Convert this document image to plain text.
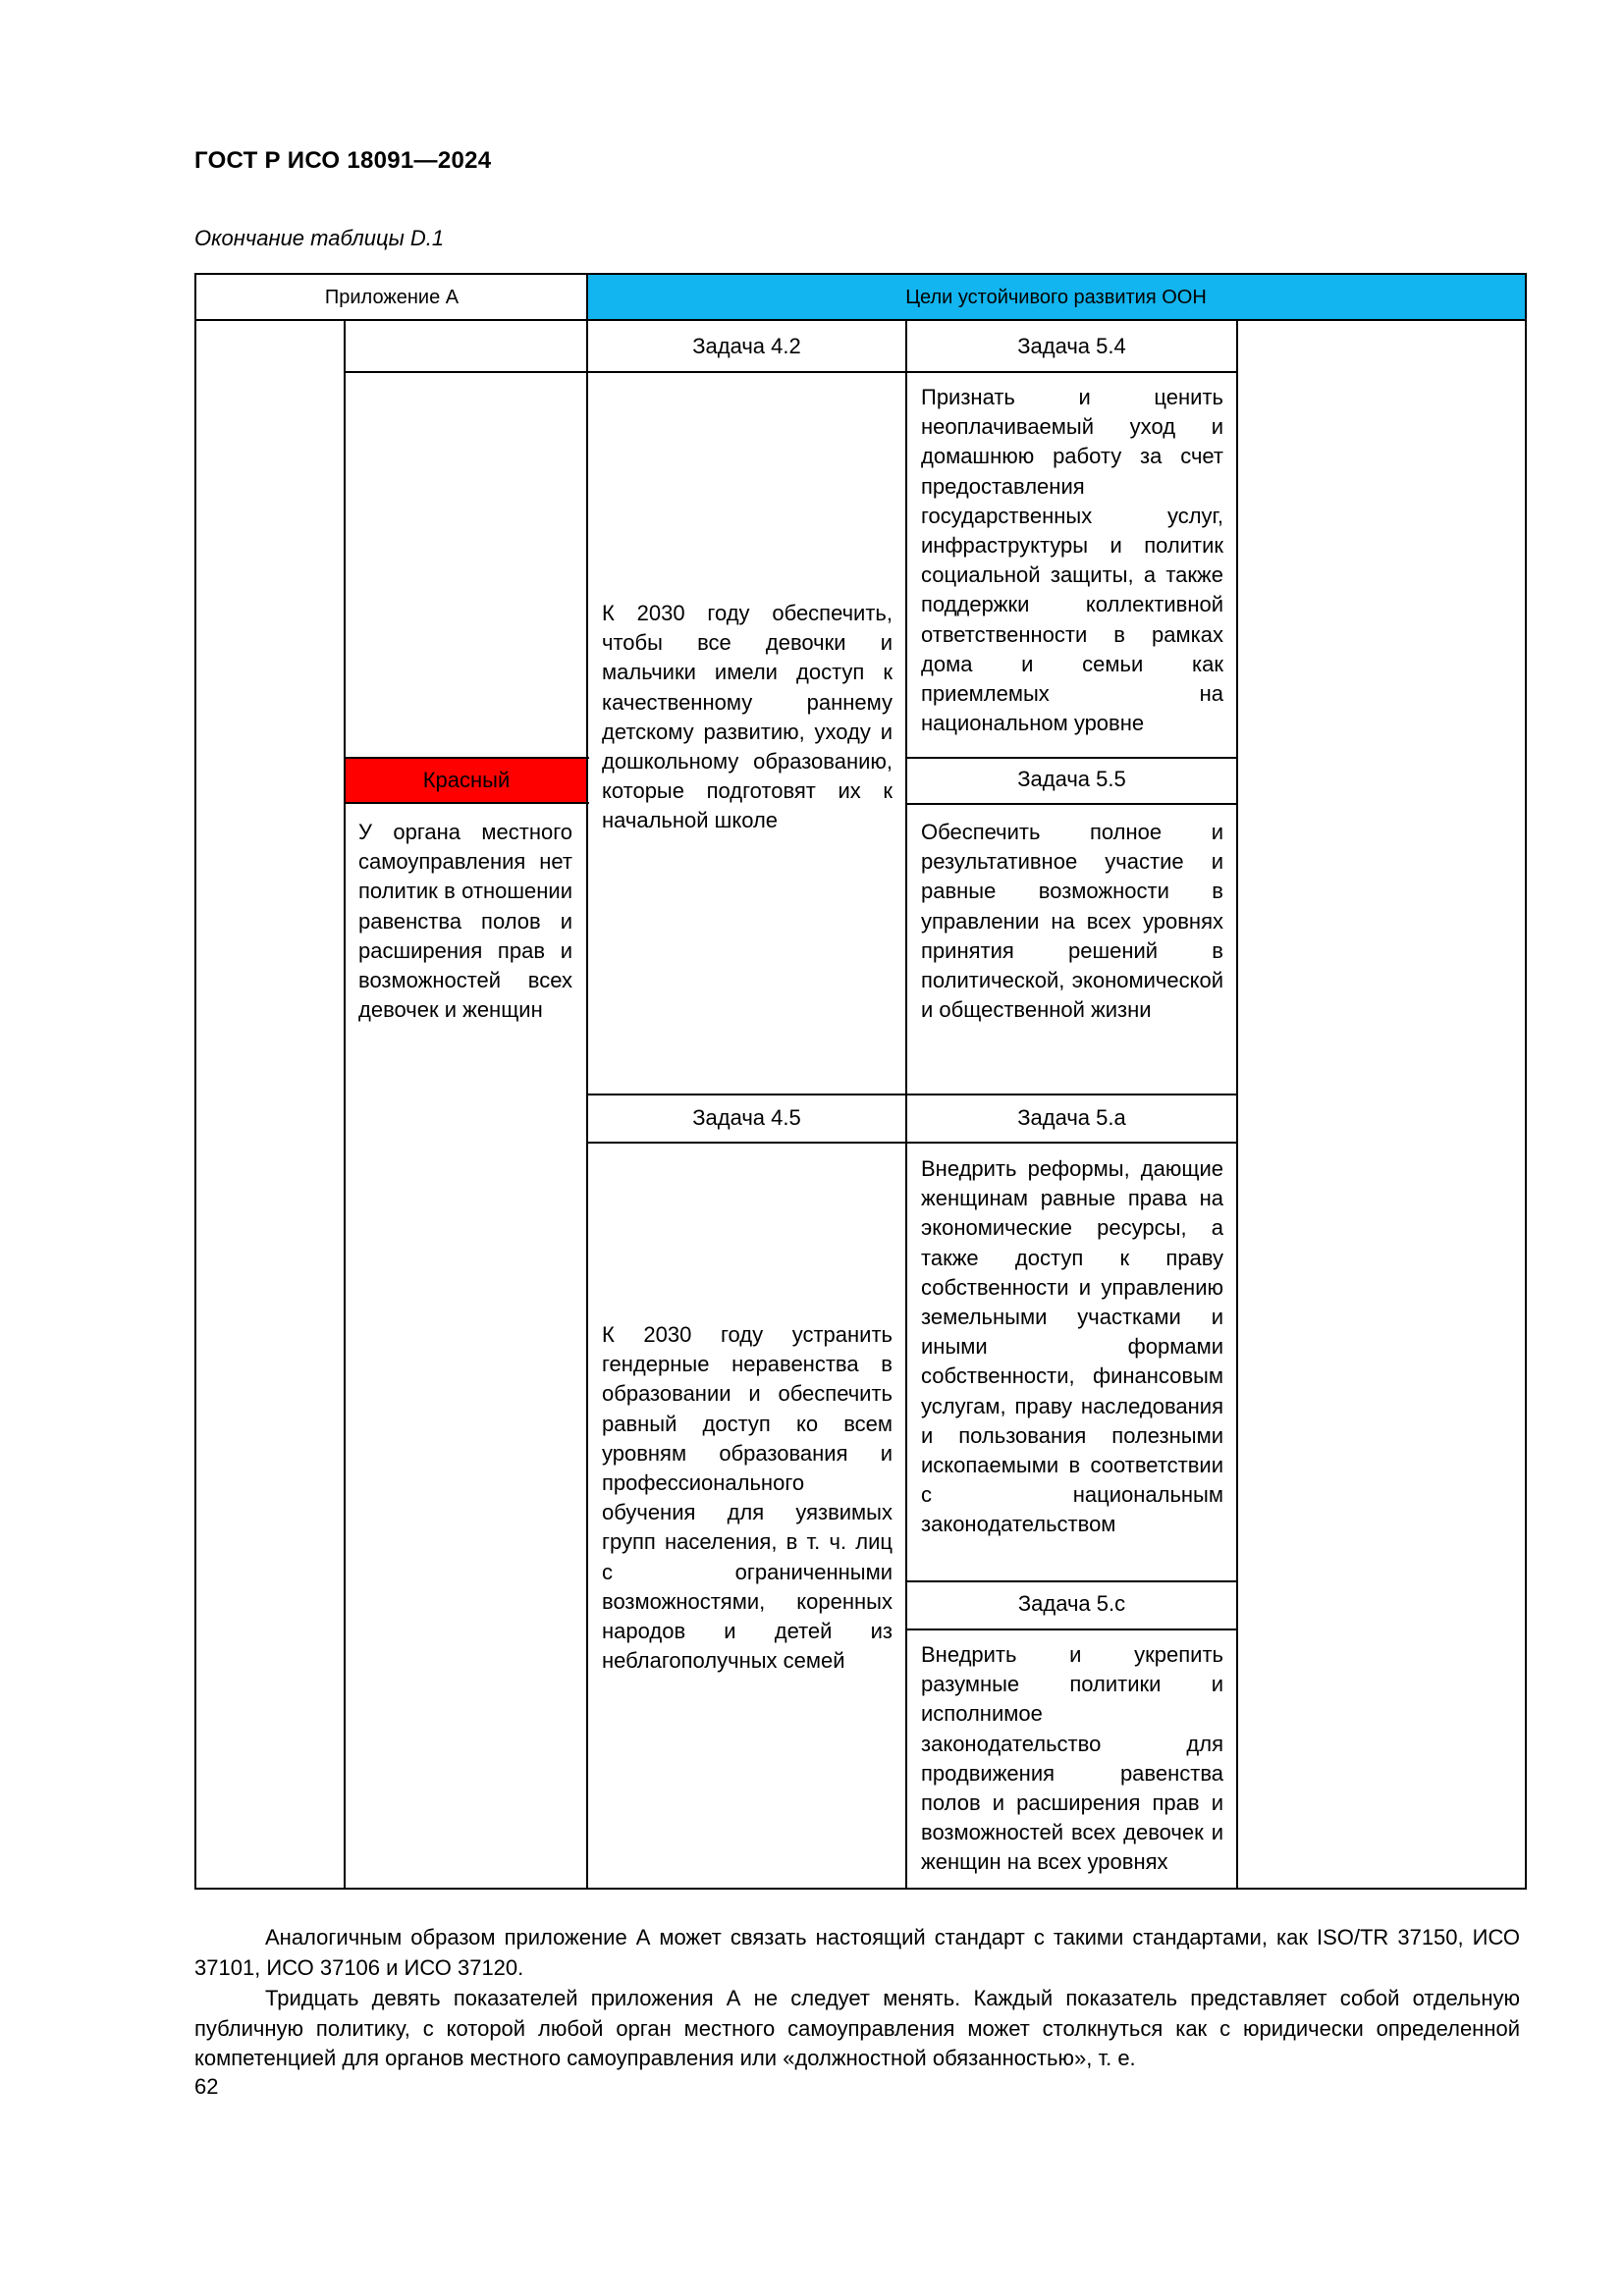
ГОСТ Р ИСО 18091—2024
Окончание таблицы D.1
Цели устойчивого развития ООН
Приложение А
Красный
Задача 4.2	Задача 5.4
Задача 5.5
Задача 4.5	Задача 5.a
Задача 5.c
К 2030 году обеспечить, чтобы все девочки и мальчики имели доступ к качественному раннему детскому развитию, уходу и дошкольному образованию, которые подготовят их к начальной школе
Признать и ценить неоплачиваемый уход и домашнюю работу за счет предоставления государственных услуг, инфраструктуры и политик социальной защиты, а также поддержки коллективной ответственности в рамках дома и семьи как приемлемых на национальном уровне
Обеспечить полное и результативное участие и равные возможности в управлении на всех уровнях принятия решений в политической, экономической и общественной жизни
К 2030 году устранить гендерные неравенства в образовании и обеспечить равный доступ ко всем уровням образования и профессионального обучения для уязвимых групп населения, в т. ч. лиц с ограниченными возможностями, коренных народов и детей из неблагополучных семей
Внедрить реформы, дающие женщинам равные права на экономические ресурсы, а также доступ к праву собственности и управлению земельными участками и иными формами собственности, финансовым услугам, праву наследования и пользования полезными ископаемыми в соответствии с национальным законодательством
Внедрить и укрепить разумные политики и исполнимое законодательство для продвижения равенства полов и расширения прав и возможностей всех девочек и женщин на всех уровнях
У органа местного самоуправления нет политик в отношении равенства полов и расширения прав и возможностей всех девочек и женщин
Аналогичным образом приложение А может связать настоящий стандарт с такими стандартами, как ISO/TR 37150, ИСО 37101, ИСО 37106 и ИСО 37120.
Тридцать девять показателей приложения А не следует менять. Каждый показатель представляет собой отдельную публичную политику, с которой любой орган местного самоуправления может столкнуться как с юридически определенной компетенцией для органов местного самоуправления или «должностной обязанностью», т. е.
62
